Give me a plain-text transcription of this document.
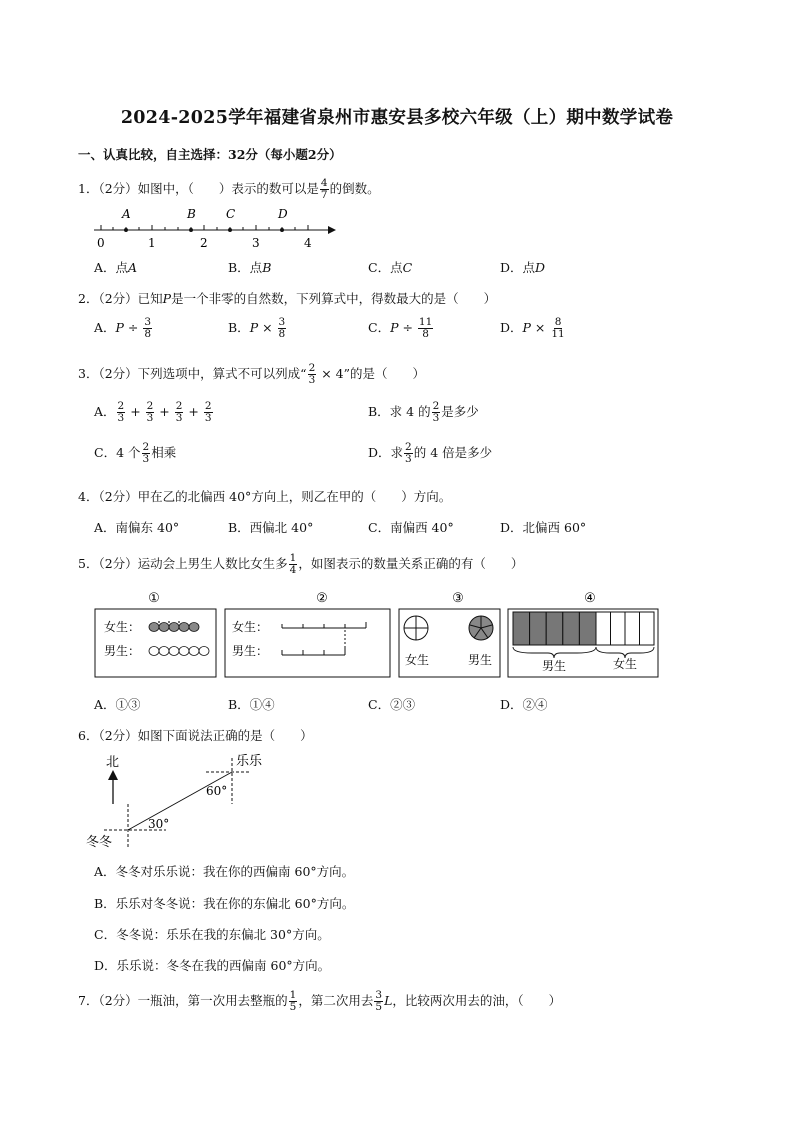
2024-2025学年福建省泉州市惠安县多校六年级（上）期中数学试卷
一、认真比较，自主选择：32分（每小题2分）
1．（2分）如图中，（　　）表示的数可以是 $\frac{4}{7}$ 的倒数。
A	B	C	D
0	1	2	3	4
A．点A	B．点B	C．点C	D．点D
2．（2分）已知P是一个非零的自然数，下列算式中，得数最大的是（　　）
A．$P \div \frac{3}{8}$	B．$P \times \frac{3}{8}$	C．$P \div \frac{11}{8}$	D．$P \times \frac{8}{11}$
3．（2分）下列选项中，算式不可以列成“ $\frac{2}{3} \times 4$”的是（　　）
A． $\frac{2}{3} + \frac{2}{3} + \frac{2}{3} + \frac{2}{3}$	B．求 4 的 $\frac{2}{3}$ 是多少
C．4 个 $\frac{2}{3}$ 相乘	D．求 $\frac{2}{3}$ 的 4 倍是多少
4．（2分）甲在乙的北偏西 40°方向上，则乙在甲的（　　）方向。
A．南偏东 40°	B．西偏北 40°	C．南偏西 40°	D．北偏西 60°
5．（2分）运动会上男生人数比女生多 $\frac{1}{4}$ ，如图表示的数量关系正确的有（　　）
①	②	③	④
女生：
男生：
女生：
男生：
女生	男生	男生	女生
A．①③	B．①④	C．②③	D．②④
6．（2分）如图下面说法正确的是（　　）
北	乐乐
冬冬
60°
30°
A．冬冬对乐乐说：我在你的西偏南 60°方向。
B．乐乐对冬冬说：我在你的东偏北 60°方向。
C．冬冬说：乐乐在我的东偏北 30°方向。
D．乐乐说：冬冬在我的西偏南 60°方向。
7．（2分）一瓶油，第一次用去整瓶的 $\frac{1}{5}$ ，第二次用去 $\frac{3}{5}$ L，比较两次用去的油，（　　）
